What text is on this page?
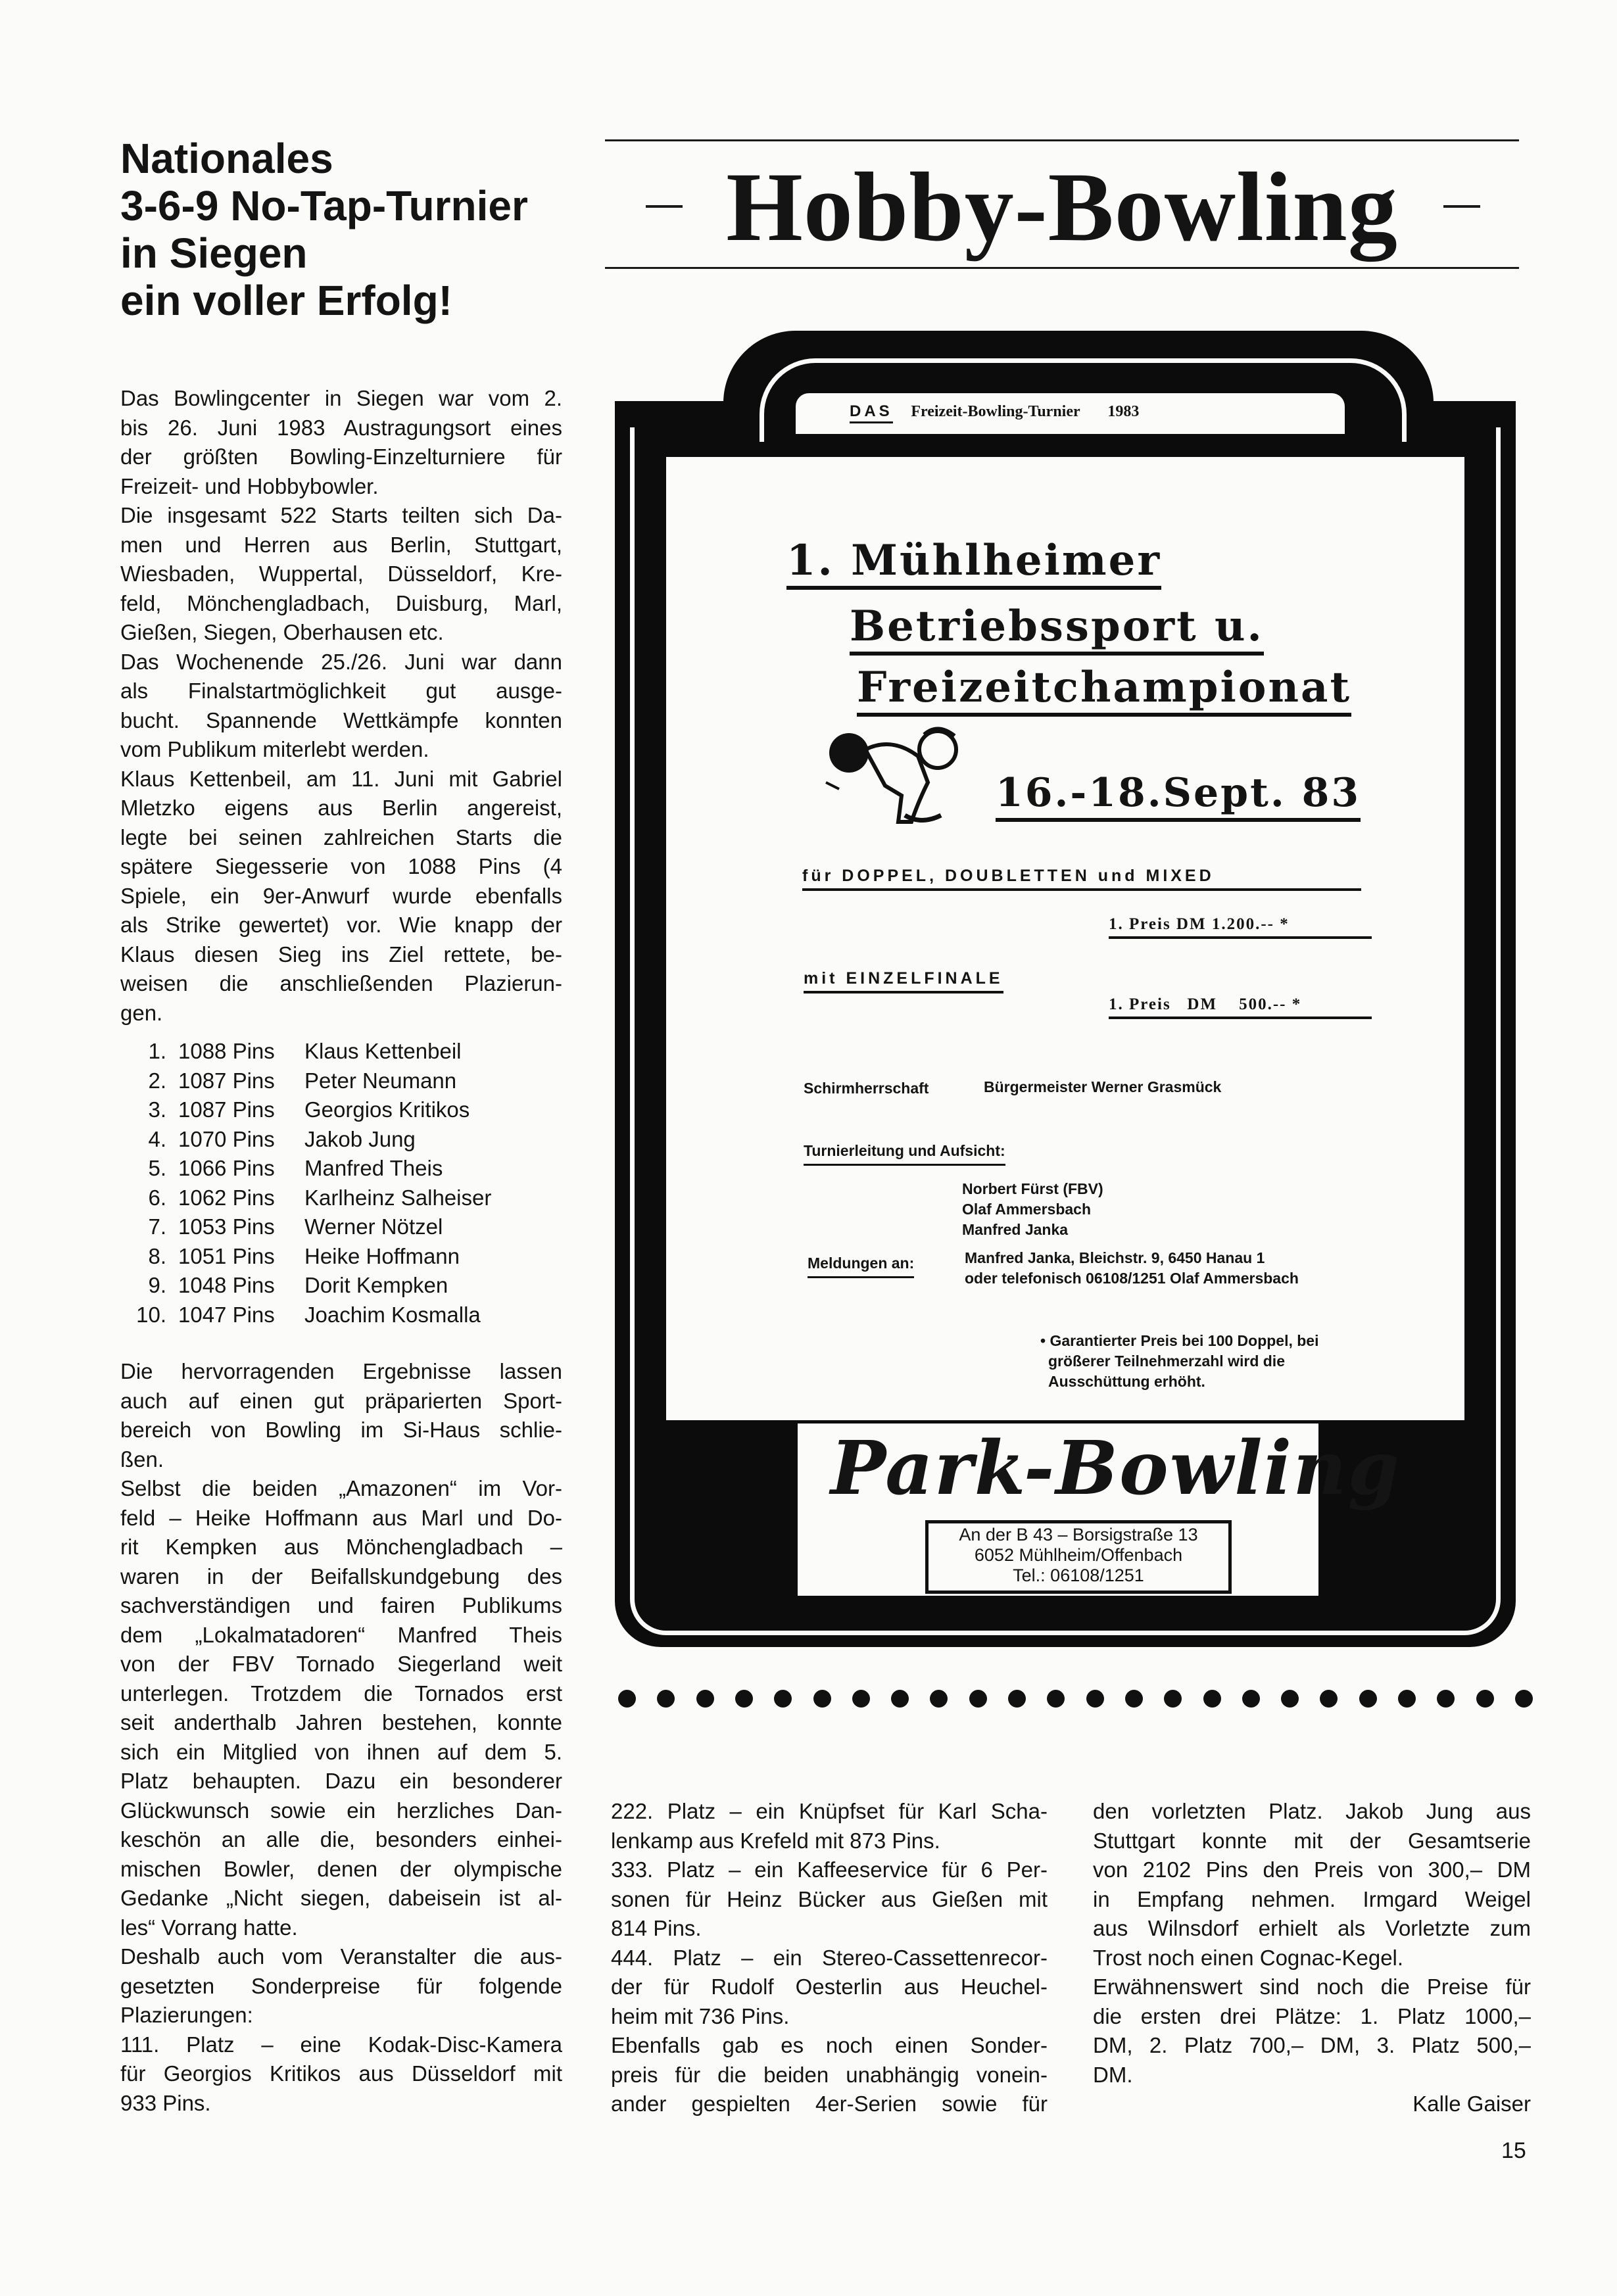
Nationales
3-6-9 No-Tap-Turnier
in Siegen
ein voller Erfolg!
Das Bowlingcenter in Siegen war vom 2.
bis 26. Juni 1983 Austragungsort eines
der größten Bowling-Einzelturniere für
Freizeit- und Hobbybowler.
Die insgesamt 522 Starts teilten sich Da-
men und Herren aus Berlin, Stuttgart,
Wiesbaden, Wuppertal, Düsseldorf, Kre-
feld, Mönchengladbach, Duisburg, Marl,
Gießen, Siegen, Oberhausen etc.
Das Wochenende 25./26. Juni war dann
als Finalstartmöglichkeit gut ausge-
bucht. Spannende Wettkämpfe konnten
vom Publikum miterlebt werden.
Klaus Kettenbeil, am 11. Juni mit Gabriel
Mletzko eigens aus Berlin angereist,
legte bei seinen zahlreichen Starts die
spätere Siegesserie von 1088 Pins (4
Spiele, ein 9er-Anwurf wurde ebenfalls
als Strike gewertet) vor. Wie knapp der
Klaus diesen Sieg ins Ziel rettete, be-
weisen die anschließenden Plazierun-
gen.
1. 1088 Pins	Klaus Kettenbeil
2. 1087 Pins	Peter Neumann
3. 1087 Pins	Georgios Kritikos
4. 1070 Pins	Jakob Jung
5. 1066 Pins	Manfred Theis
6. 1062 Pins	Karlheinz Salheiser
7. 1053 Pins	Werner Nötzel
8. 1051 Pins	Heike Hoffmann
9. 1048 Pins	Dorit Kempken
10. 1047 Pins	Joachim Kosmalla
Die hervorragenden Ergebnisse lassen
auch auf einen gut präparierten Sport-
bereich von Bowling im Si-Haus schlie-
ßen.
Selbst die beiden „Amazonen“ im Vor-
feld – Heike Hoffmann aus Marl und Do-
rit Kempken aus Mönchengladbach –
waren in der Beifallskundgebung des
sachverständigen und fairen Publikums
dem „Lokalmatadoren“ Manfred Theis
von der FBV Tornado Siegerland weit
unterlegen. Trotzdem die Tornados erst
seit anderthalb Jahren bestehen, konnte
sich ein Mitglied von ihnen auf dem 5.
Platz behaupten. Dazu ein besonderer
Glückwunsch sowie ein herzliches Dan-
keschön an alle die, besonders einhei-
mischen Bowler, denen der olympische
Gedanke „Nicht siegen, dabeisein ist al-
les“ Vorrang hatte.
Deshalb auch vom Veranstalter die aus-
gesetzten Sonderpreise für folgende
Plazierungen:
111. Platz – eine Kodak-Disc-Kamera
für Georgios Kritikos aus Düsseldorf mit
933 Pins.
222. Platz – ein Knüpfset für Karl Scha-
lenkamp aus Krefeld mit 873 Pins.
333. Platz – ein Kaffeeservice für 6 Per-
sonen für Heinz Bücker aus Gießen mit
814 Pins.
444. Platz – ein Stereo-Cassettenrecor-
der für Rudolf Oesterlin aus Heuchel-
heim mit 736 Pins.
Ebenfalls gab es noch einen Sonder-
preis für die beiden unabhängig vonein-
ander gespielten 4er-Serien sowie für
den vorletzten Platz. Jakob Jung aus
Stuttgart konnte mit der Gesamtserie
von 2102 Pins den Preis von 300,– DM
in Empfang nehmen. Irmgard Weigel
aus Wilnsdorf erhielt als Vorletzte zum
Trost noch einen Cognac-Kegel.
Erwähnenswert sind noch die Preise für
die ersten drei Plätze: 1. Platz 1000,–
DM, 2. Platz 700,– DM, 3. Platz 500,–
DM.
Kalle Gaiser
Hobby-Bowling
DAS Freizeit-Bowling-Turnier 1983
1. Mühlheimer
Betriebssport u.
Freizeitchampionat
16.-18.Sept. 83
für DOPPEL, DOUBLETTEN und MIXED
1. Preis DM 1.200.-- *
mit EINZELFINALE
1. Preis   DM    500.-- *
Schirmherrschaft	Bürgermeister Werner Grasmück
Turnierleitung und Aufsicht:
Norbert Fürst (FBV)
Olaf Ammersbach
Manfred Janka
Meldungen an:	Manfred Janka, Bleichstr. 9, 6450 Hanau 1
oder telefonisch 06108/1251 Olaf Ammersbach
• Garantierter Preis bei 100 Doppel, bei
größerer Teilnehmerzahl wird die
Ausschüttung erhöht.
Park-Bowling
An der B 43 – Borsigstraße 13
6052 Mühlheim/Offenbach
Tel.: 06108/1251
15
